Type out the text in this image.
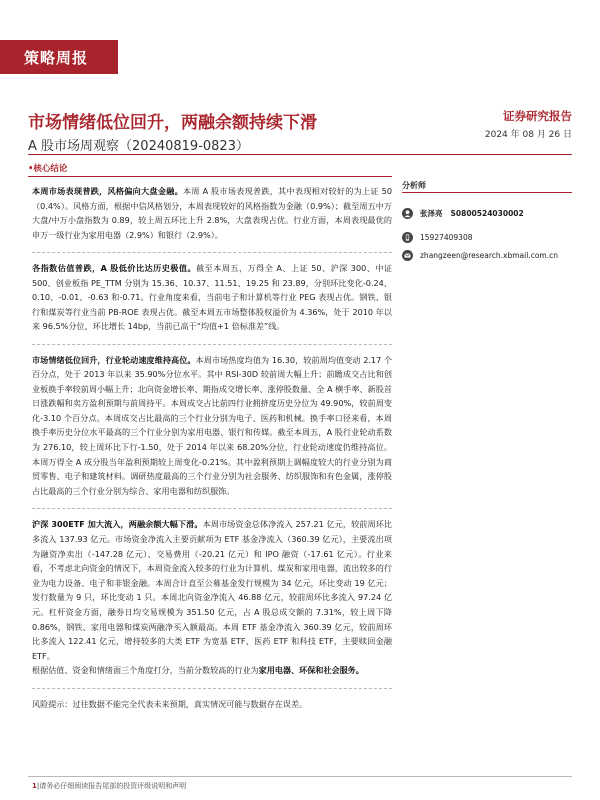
策略周报
市场情绪低位回升，两融余额持续下滑
A 股市场周观察（20240819-0823）
证券研究报告
2024 年 08 月 26 日
•核心结论

本周市场表现普跌，风格偏向大盘金融。本周 A 股市场表现普跌，其中表现相对较好的为上证 50（0.4%）。风格方面，根据中信风格划分，本周表现较好的风格指数为金融（0.9%）；截至周五中万大盘/中万小盘指数为 0.89，较上周五环比上升 2.8%，大盘表现占优。行业方面，本周表现最优的申万一级行业为家用电器（2.9%）和银行（2.9%）。

各指数估值普跌，A 股低价比达历史极值。截至本周五，万得全 A、上证 50、沪深 300、中证 500、创业板指 PE_TTM 分别为 15.36、10.37、11.51、19.25 和 23.89，分别环比变化-0.24、0.10、-0.01、-0.63 和-0.71。行业角度来看，当前电子和计算机等行业 PEG 表现占优。钢铁、银行和煤炭等行业当前 PB-ROE 表现占优。截至本周五市场整体股权溢价为 4.36%，处于 2010 年以来 96.5%分位，环比增长 14bp，当前已高于“均值+1 倍标准差”线。

市场情绪低位回升，行业轮动速度维持高位。本周市场热度均值为 16.30，较前周均值变动 2.17 个百分点，处于 2013 年以来 35.90%分位水平。其中 RSI-30D 较前周大幅上升；前瞻成交占比和创业板换手率较前周小幅上升；北向资金增长率、期指成交增长率、涨停股数量、全 A 横手率、新股首日涨跌幅和卖方盈利预期与前周持平。本周成交占比前四行业拥挤度历史分位为 49.90%，较前周变化-3.10 个百分点。本周成交占比最高的三个行业分别为电子、医药和机械。换手率口径来看，本周换手率历史分位水平最高的三个行业分别为家用电器、银行和传媒。截至本周五，A 股行业轮动系数为 276.10，较上周环比下行-1.50，处于 2014 年以来 68.20%分位，行业轮动速度仍维持高位。本周万得全 A 成分股当年盈利预期较上周变化-0.21%。其中盈利预期上调幅度较大的行业分别为商贸零售、电子和建筑材料。调研热度最高的三个行业分别为社会服务、纺织服饰和有色金属，涨停股占比最高的三个行业分别为综合、家用电器和纺织服饰。

沪深 300ETF 加大流入，两融余额大幅下滑。本周市场资金总体净流入 257.21 亿元，较前周环比多流入 137.93 亿元。市场资金净流入主要贡献项为 ETF 基金净流入（360.39 亿元），主要流出项为融资净卖出（-147.28 亿元）、交易费用（-20.21 亿元）和 IPO 融资（-17.61 亿元）。行业来看，不考虑北向资金的情况下，本周资金流入较多的行业为计算机、煤炭和家用电器，流出较多的行业为电力设备、电子和非银金融。本周合计直至公募基金发行规模为 34 亿元，环比变动 19 亿元；发行数量为 9 只，环比变动 1 只。本周北向资金净流入 46.88 亿元，较前周环比多流入 97.24 亿元。杠杆资金方面，融券日均交易规模为 351.50 亿元，占 A 股总成交额的 7.31%，较上周下降 0.86%，钢铁、家用电器和煤炭两融净买入额最高。本周 ETF 基金净流入 360.39 亿元，较前周环比多流入 122.41 亿元，增持较多的大类 ETF 为宽基 ETF、医药 ETF 和科技 ETF，主要赎回金融 ETF。
根据估值、资金和情绪面三个角度打分，当前分数较高的行业为家用电器、环保和社会服务。

风险提示：过往数据不能完全代表未来预期，真实情况可能与数据存在误差。

分析师
张泽亮 S0800524030002
15927409308
zhangzeen@research.xbmail.com.cn
1|请务必仔细阅读报告尾部的投资评级说明和声明
